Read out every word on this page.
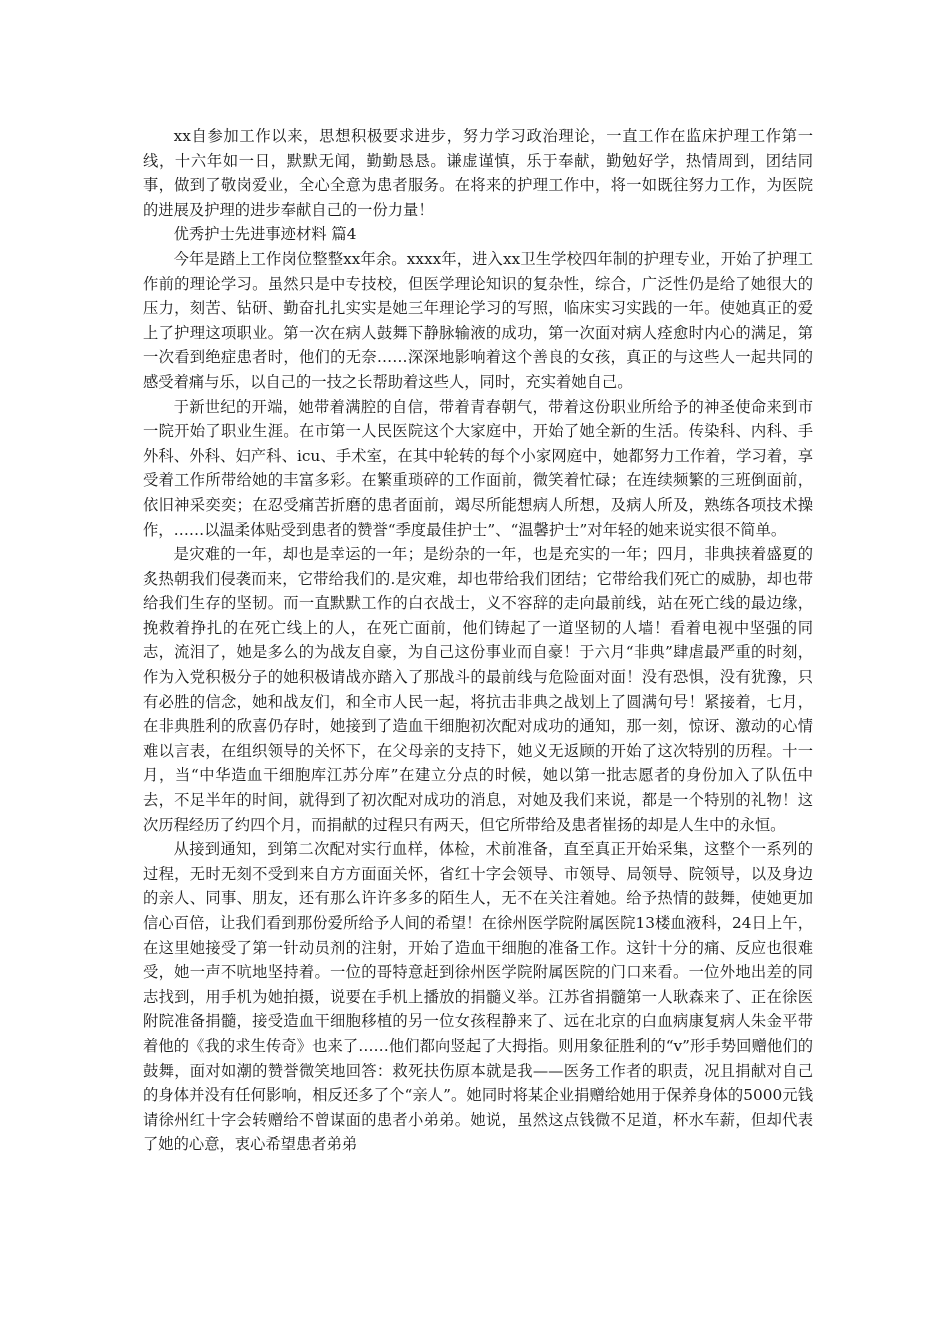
xx自参加工作以来，思想积极要求进步，努力学习政治理论，一直工作在监床护理工作第一线，十六年如一日，默默无闻，勤勤恳恳。谦虚谨慎，乐于奉献，勤勉好学，热情周到，团结同事，做到了敬岗爱业，全心全意为患者服务。在将来的护理工作中，将一如既往努力工作，为医院的进展及护理的进步奉献自己的一份力量！

优秀护士先进事迹材料 篇4

今年是踏上工作岗位整整xx年余。xxxx年，进入xx卫生学校四年制的护理专业，开始了护理工作前的理论学习。虽然只是中专技校，但医学理论知识的复杂性，综合，广泛性仍是给了她很大的压力，刻苦、钻研、勤奋扎扎实实是她三年理论学习的写照，临床实习实践的一年。使她真正的爱上了护理这项职业。第一次在病人鼓舞下静脉输液的成功，第一次面对病人痊愈时内心的满足，第一次看到绝症患者时，他们的无奈……深深地影响着这个善良的女孩，真正的与这些人一起共同的感受着痛与乐，以自己的一技之长帮助着这些人，同时，充实着她自己。

于新世纪的开端，她带着满腔的自信，带着青春朝气，带着这份职业所给予的神圣使命来到市一院开始了职业生涯。在市第一人民医院这个大家庭中，开始了她全新的生活。传染科、内科、手外科、外科、妇产科、icu、手术室，在其中轮转的每个小家网庭中，她都努力工作着，学习着，享受着工作所带给她的丰富多彩。在繁重琐碎的工作面前，微笑着忙碌；在连续频繁的三班倒面前，依旧神采奕奕；在忍受痛苦折磨的患者面前，竭尽所能想病人所想，及病人所及，熟练各项技术操作，……以温柔体贴受到患者的赞誉“季度最佳护士”、“温馨护士”对年轻的她来说实很不简单。

是灾难的一年，却也是幸运的一年；是纷杂的一年，也是充实的一年；四月，非典挟着盛夏的炙热朝我们侵袭而来，它带给我们的.是灾难，却也带给我们团结；它带给我们死亡的威胁，却也带给我们生存的坚韧。而一直默默工作的白衣战士，义不容辞的走向最前线，站在死亡线的最边缘，挽救着挣扎的在死亡线上的人，在死亡面前，他们铸起了一道坚韧的人墙！看着电视中坚强的同志，流泪了，她是多么的为战友自豪，为自己这份事业而自豪！于六月“非典”肆虐最严重的时刻，作为入党积极分子的她积极请战亦踏入了那战斗的最前线与危险面对面！没有恐惧，没有犹豫，只有必胜的信念，她和战友们，和全市人民一起，将抗击非典之战划上了圆满句号！紧接着，七月，在非典胜利的欣喜仍存时，她接到了造血干细胞初次配对成功的通知，那一刻，惊讶、激动的心情难以言表，在组织领导的关怀下，在父母亲的支持下，她义无返顾的开始了这次特别的历程。十一月，当“中华造血干细胞库江苏分库”在建立分点的时候，她以第一批志愿者的身份加入了队伍中去，不足半年的时间，就得到了初次配对成功的消息，对她及我们来说，都是一个特别的礼物！这次历程经历了约四个月，而捐献的过程只有两天，但它所带给及患者崔扬的却是人生中的永恒。

从接到通知，到第二次配对实行血样，体检，术前准备，直至真正开始采集，这整个一系列的过程，无时无刻不受到来自方方面面关怀，省红十字会领导、市领导、局领导、院领导，以及身边的亲人、同事、朋友，还有那么许许多多的陌生人，无不在关注着她。给予热情的鼓舞，使她更加信心百倍，让我们看到那份爱所给予人间的希望！在徐州医学院附属医院13楼血液科，24日上午，在这里她接受了第一针动员剂的注射，开始了造血干细胞的准备工作。这针十分的痛、反应也很难受，她一声不吭地坚持着。一位的哥特意赶到徐州医学院附属医院的门口来看。一位外地出差的同志找到，用手机为她拍摄，说要在手机上播放的捐髓义举。江苏省捐髓第一人耿森来了、正在徐医附院准备捐髓，接受造血干细胞移植的另一位女孩程静来了、远在北京的白血病康复病人朱金平带着他的《我的求生传奇》也来了……他们都向竖起了大拇指。则用象征胜利的“v”形手势回赠他们的鼓舞，面对如潮的赞誉微笑地回答：救死扶伤原本就是我——医务工作者的职责，况且捐献对自己的身体并没有任何影响，相反还多了个“亲人”。她同时将某企业捐赠给她用于保养身体的5000元钱请徐州红十字会转赠给不曾谋面的患者小弟弟。她说，虽然这点钱微不足道，杯水车薪，但却代表了她的心意，衷心希望患者弟弟
